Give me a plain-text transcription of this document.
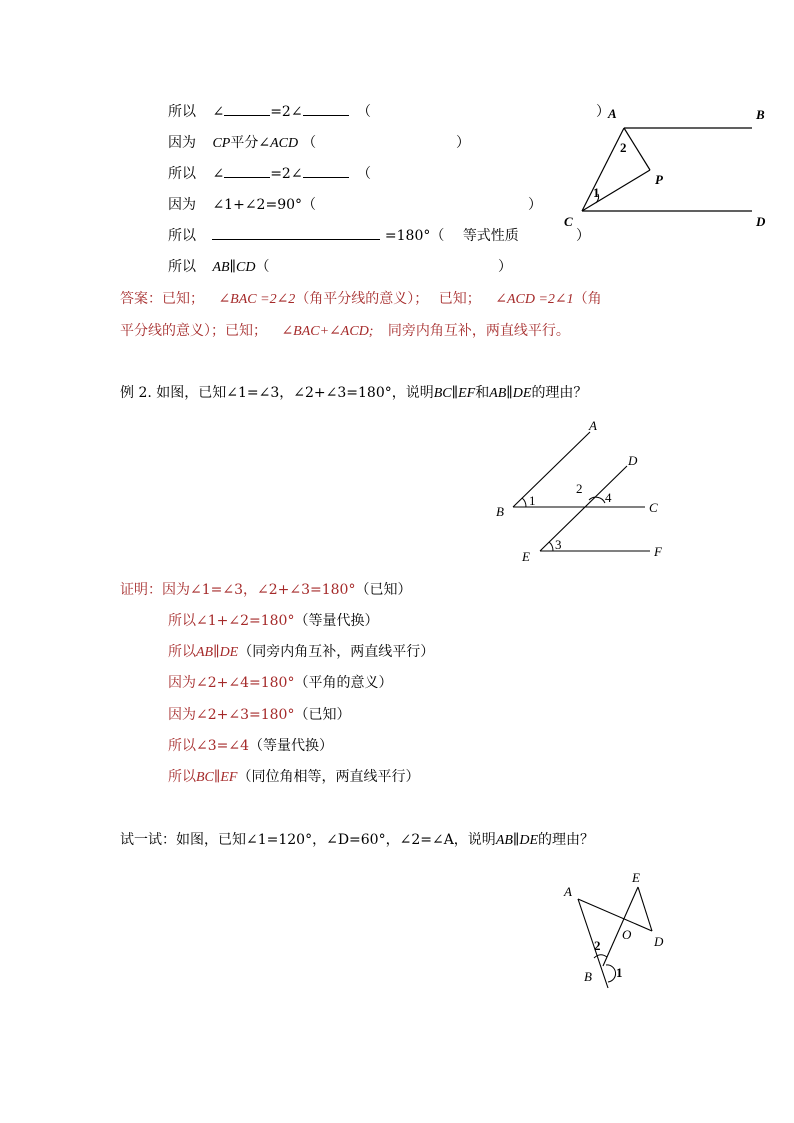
所以 ∠	=2∠	（	）
因为 CP平分∠ACD （	）
所以 ∠	=2∠	（
因为 ∠1+∠2=90°（	）
所以	=180°（ 等式性质	）
所以 AB∥CD（	）
答案：已知； ∠BAC =2∠2（角平分线的意义）； 已知； ∠ACD =2∠1（角
平分线的意义）；已知； ∠BAC+∠ACD; 同旁内角互补，两直线平行。
例 2. 如图，已知∠1=∠3，∠2+∠3=180°，说明BC∥EF和AB∥DE的理由？
证明：因为∠1=∠3，∠2+∠3=180°（已知）
所以∠1+∠2=180°（等量代换）
所以AB∥DE（同旁内角互补，两直线平行）
因为∠2+∠4=180°（平角的意义）
因为∠2+∠3=180°（已知）
所以∠3=∠4（等量代换）
所以BC∥EF（同位角相等，两直线平行）
试一试：如图，已知∠1=120°，∠D=60°，∠2=∠A，说明AB∥DE的理由？
A	B
C	D
P
1
2
A
B	C
D
E	F
1
2
3
4
A
B
D
E
O
1
2
